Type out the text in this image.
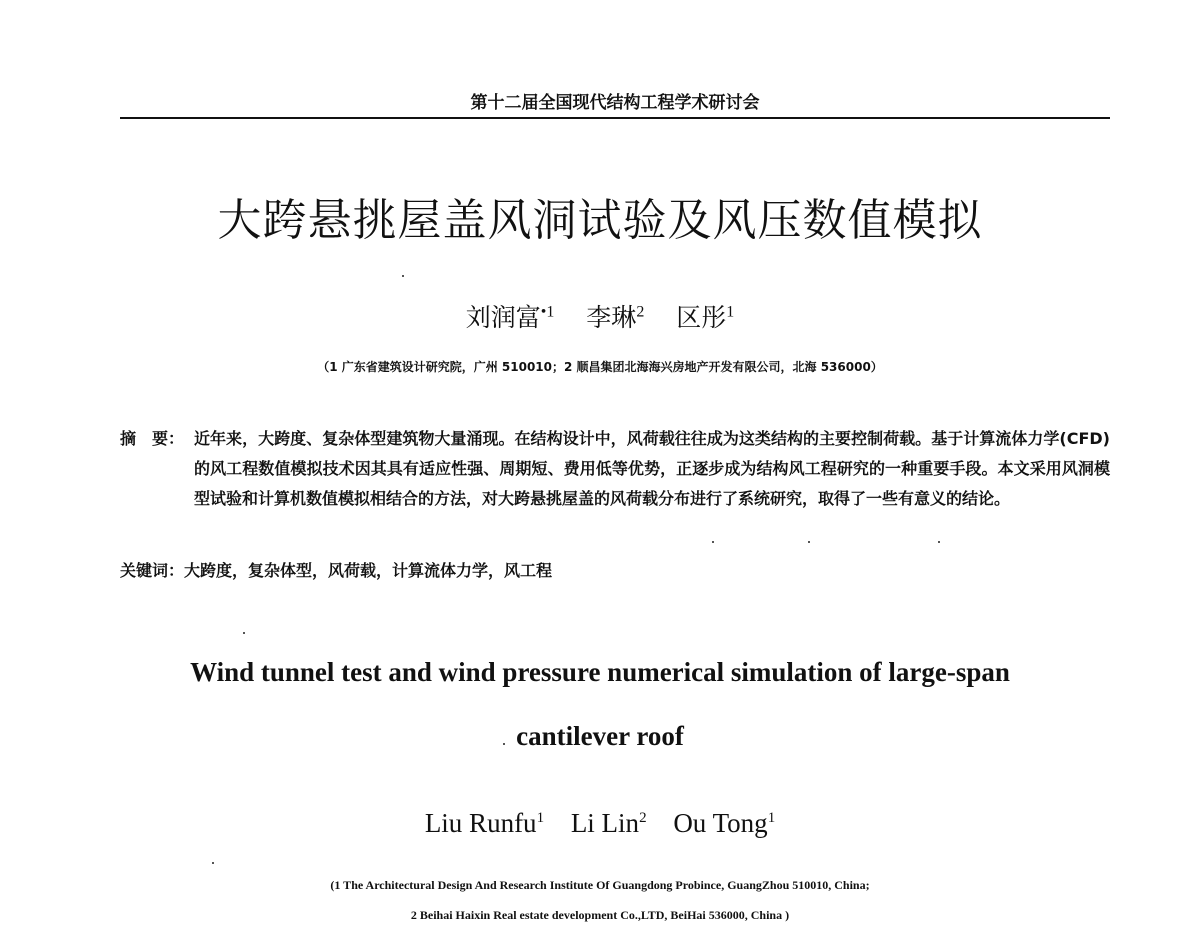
第十二届全国现代结构工程学术研讨会
大跨悬挑屋盖风洞试验及风压数值模拟
刘润富$^{•1}$ 李琳$^2$ 区彤$^1$
（1 广东省建筑设计研究院，广州 510010；2 顺昌集团北海海兴房地产开发有限公司，北海 536000）
摘　要： 近年来，大跨度、复杂体型建筑物大量涌现。在结构设计中，风荷载往往成为这类结构的主要控制荷载。基于计算流体力学(CFD)的风工程数值模拟技术因其具有适应性强、周期短、费用低等优势，正逐步成为结构风工程研究的一种重要手段。本文采用风洞模型试验和计算机数值模拟相结合的方法，对大跨悬挑屋盖的风荷载分布进行了系统研究，取得了一些有意义的结论。
关键词：大跨度，复杂体型，风荷载，计算流体力学，风工程
Wind tunnel test and wind pressure numerical simulation of large-span
cantilever roof
Liu Runfu$^1$ Li Lin$^2$ Ou Tong$^1$
(1 The Architectural Design And Research Institute Of Guangdong Probince, GuangZhou 510010, China;
2 Beihai Haixin Real estate development Co.,LTD, BeiHai 536000, China )
